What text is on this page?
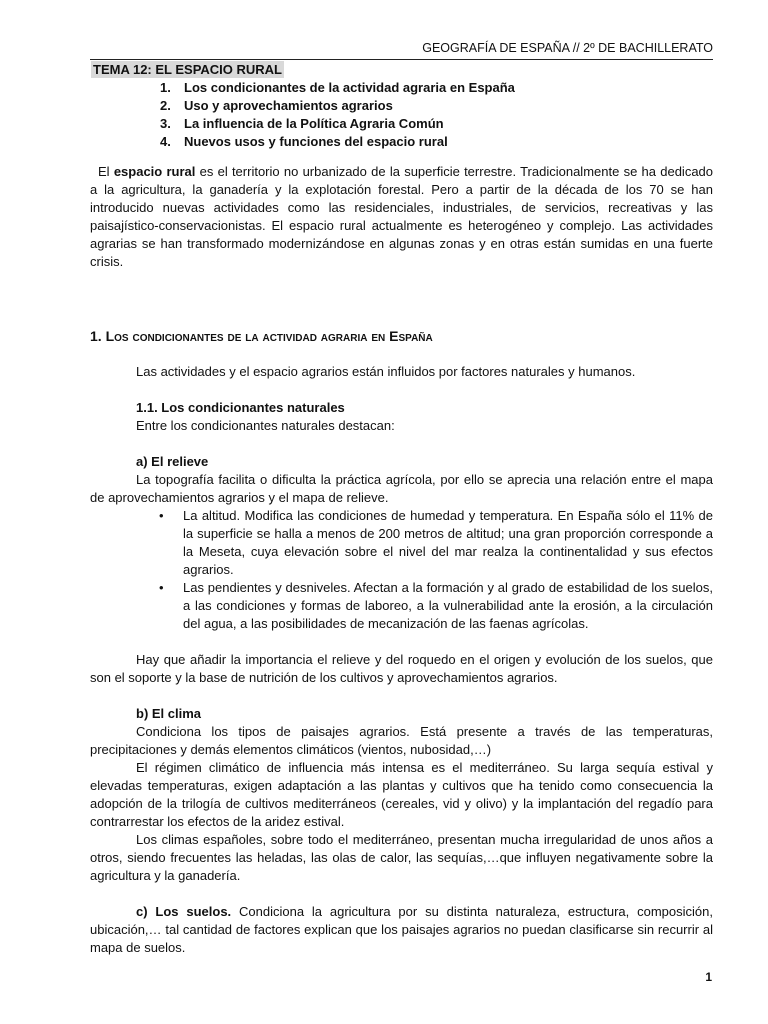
GEOGRAFÍA DE ESPAÑA // 2º DE BACHILLERATO
TEMA 12: EL ESPACIO RURAL
1. Los condicionantes de la actividad agraria en España
2. Uso y aprovechamientos agrarios
3. La influencia de la Política Agraria Común
4. Nuevos usos y funciones del espacio rural

El espacio rural es el territorio no urbanizado de la superficie terrestre. Tradicionalmente se ha dedicado a la agricultura, la ganadería y la explotación forestal. Pero a partir de la década de los 70 se han introducido nuevas actividades como las residenciales, industriales, de servicios, recreativas y las paisajístico-conservacionistas. El espacio rural actualmente es heterogéneo y complejo. Las actividades agrarias se han transformado modernizándose en algunas zonas y en otras están sumidas en una fuerte crisis.

1. Los condicionantes de la actividad agraria en España

Las actividades y el espacio agrarios están influidos por factores naturales y humanos.

1.1. Los condicionantes naturales
Entre los condicionantes naturales destacan:
a) El relieve

La topografía facilita o dificulta la práctica agrícola, por ello se aprecia una relación entre el mapa de aprovechamientos agrarios y el mapa de relieve.

• La altitud. Modifica las condiciones de humedad y temperatura. En España sólo el 11% de la superficie se halla a menos de 200 metros de altitud; una gran proporción corresponde a la Meseta, cuya elevación sobre el nivel del mar realza la continentalidad y sus efectos agrarios.
• Las pendientes y desniveles. Afectan a la formación y al grado de estabilidad de los suelos, a las condiciones y formas de laboreo, a la vulnerabilidad ante la erosión, a la circulación del agua, a las posibilidades de mecanización de las faenas agrícolas.

Hay que añadir la importancia el relieve y del roquedo en el origen y evolución de los suelos, que son el soporte y la base de nutrición de los cultivos y aprovechamientos agrarios.

b) El clima

Condiciona los tipos de paisajes agrarios. Está presente a través de las temperaturas, precipitaciones y demás elementos climáticos (vientos, nubosidad,…)

El régimen climático de influencia más intensa es el mediterráneo. Su larga sequía estival y elevadas temperaturas, exigen adaptación a las plantas y cultivos que ha tenido como consecuencia la adopción de la trilogía de cultivos mediterráneos (cereales, vid y olivo) y la implantación del regadío para contrarrestar los efectos de la aridez estival.

Los climas españoles, sobre todo el mediterráneo, presentan mucha irregularidad de unos años a otros, siendo frecuentes las heladas, las olas de calor, las sequías,…que influyen negativamente sobre la agricultura y la ganadería.

c) Los suelos. Condiciona la agricultura por su distinta naturaleza, estructura, composición, ubicación,… tal cantidad de factores explican que los paisajes agrarios no puedan clasificarse sin recurrir al mapa de suelos.

1
